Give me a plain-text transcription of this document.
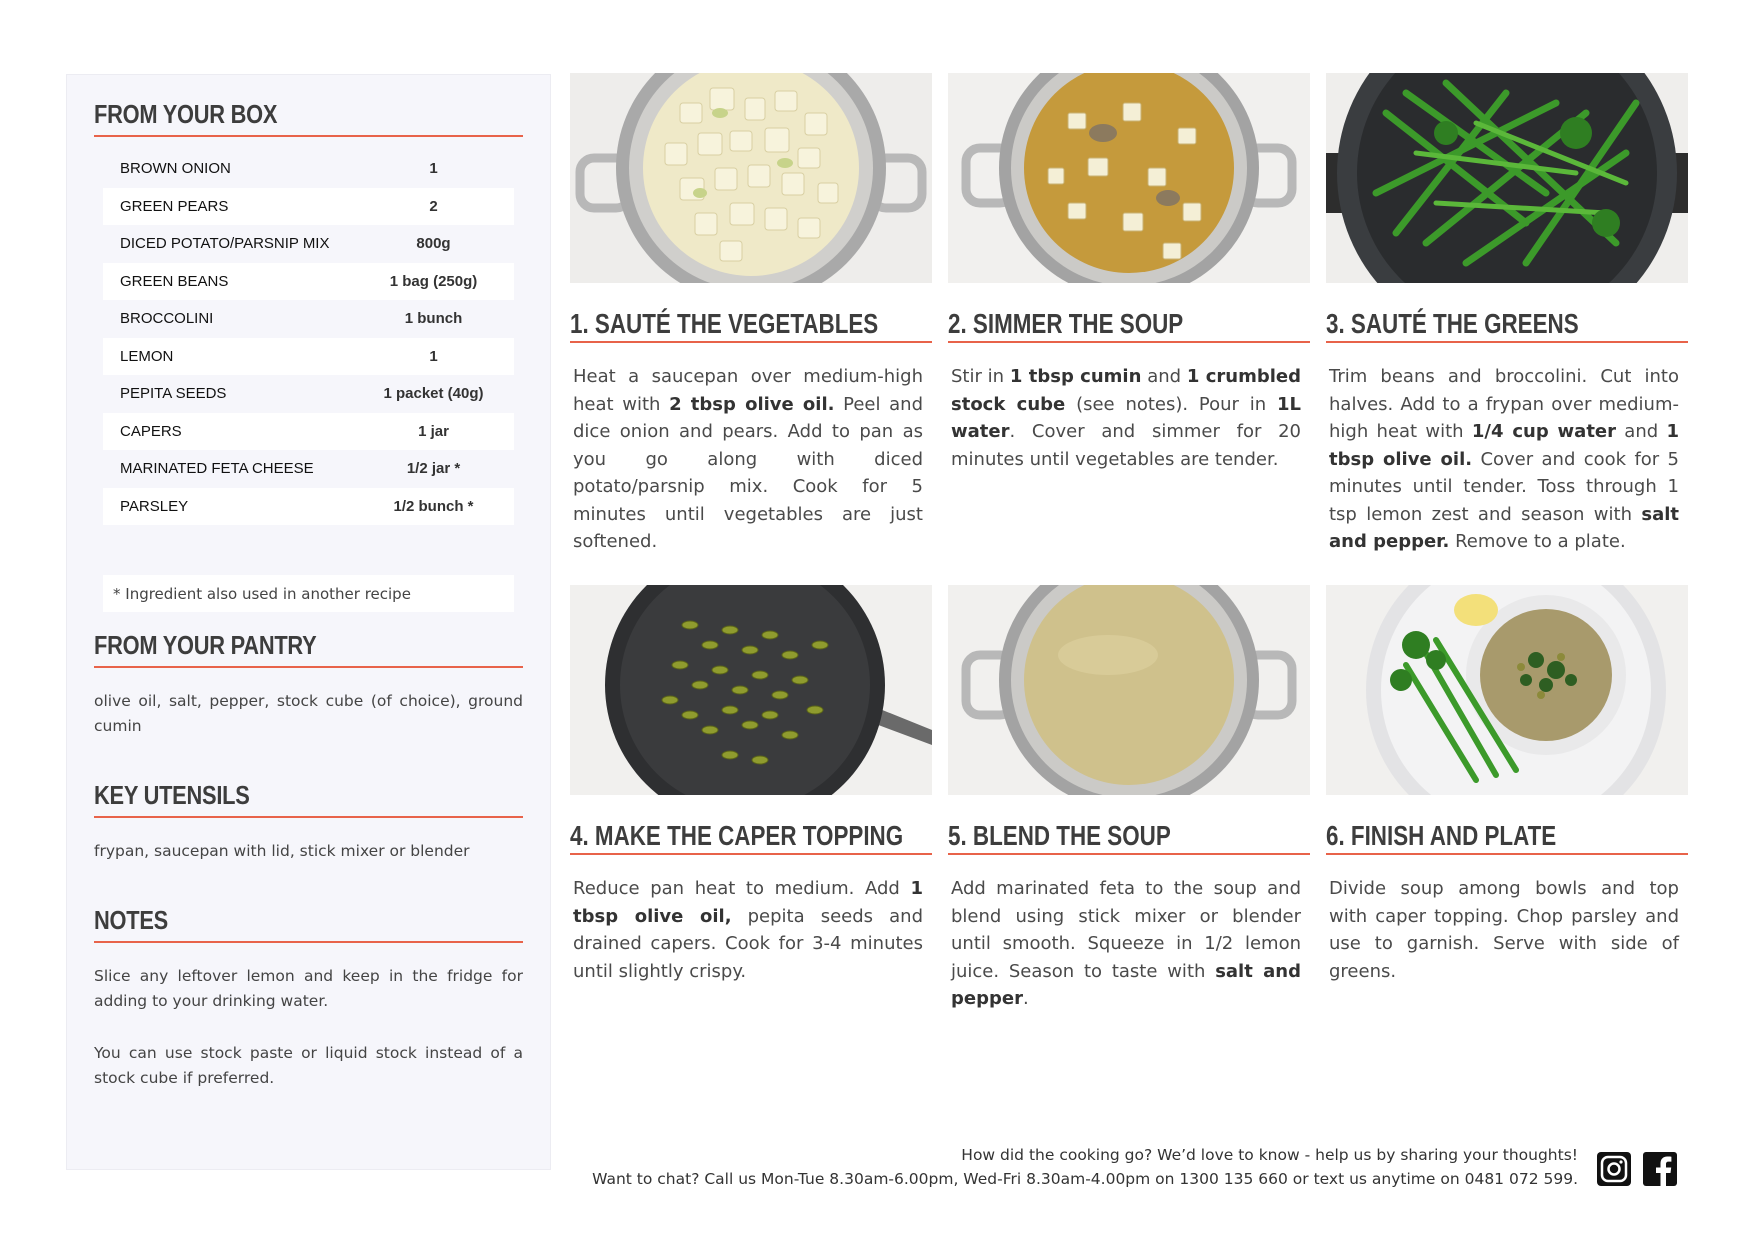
FROM YOUR BOX
BROWN ONION	1
GREEN PEARS	2
DICED POTATO/PARSNIP MIX	800g
GREEN BEANS	1 bag (250g)
BROCCOLINI	1 bunch
LEMON	1
PEPITA SEEDS	1 packet (40g)
CAPERS	1 jar
MARINATED FETA CHEESE	1/2 jar *
PARSLEY	1/2 bunch *
* Ingredient also used in another recipe
FROM YOUR PANTRY
olive oil, salt, pepper, stock cube (of choice), ground cumin
KEY UTENSILS
frypan, saucepan with lid, stick mixer or blender
NOTES
Slice any leftover lemon and keep in the fridge for adding to your drinking water.
You can use stock paste or liquid stock instead of a stock cube if preferred.
1. SAUTÉ THE VEGETABLES
Heat a saucepan over medium-high heat with 2 tbsp olive oil. Peel and dice onion and pears. Add to pan as you go along with diced potato/parsnip mix. Cook for 5 minutes until vegetables are just softened.
2. SIMMER THE SOUP
Stir in 1 tbsp cumin and 1 crumbled stock cube (see notes). Pour in 1L water. Cover and simmer for 20 minutes until vegetables are tender.
3. SAUTÉ THE GREENS
Trim beans and broccolini. Cut into halves. Add to a frypan over medium-high heat with 1/4 cup water and 1 tbsp olive oil. Cover and cook for 5 minutes until tender. Toss through 1 tsp lemon zest and season with salt and pepper. Remove to a plate.
4. MAKE THE CAPER TOPPING
Reduce pan heat to medium. Add 1 tbsp olive oil, pepita seeds and drained capers. Cook for 3-4 minutes until slightly crispy.
5. BLEND THE SOUP
Add marinated feta to the soup and blend using stick mixer or blender until smooth. Squeeze in 1/2 lemon juice. Season to taste with salt and pepper.
6. FINISH AND PLATE
Divide soup among bowls and top with caper topping. Chop parsley and use to garnish. Serve with side of greens.
How did the cooking go? We’d love to know - help us by sharing your thoughts!
Want to chat? Call us Mon-Tue 8.30am-6.00pm, Wed-Fri 8.30am-4.00pm on 1300 135 660 or text us anytime on 0481 072 599.
